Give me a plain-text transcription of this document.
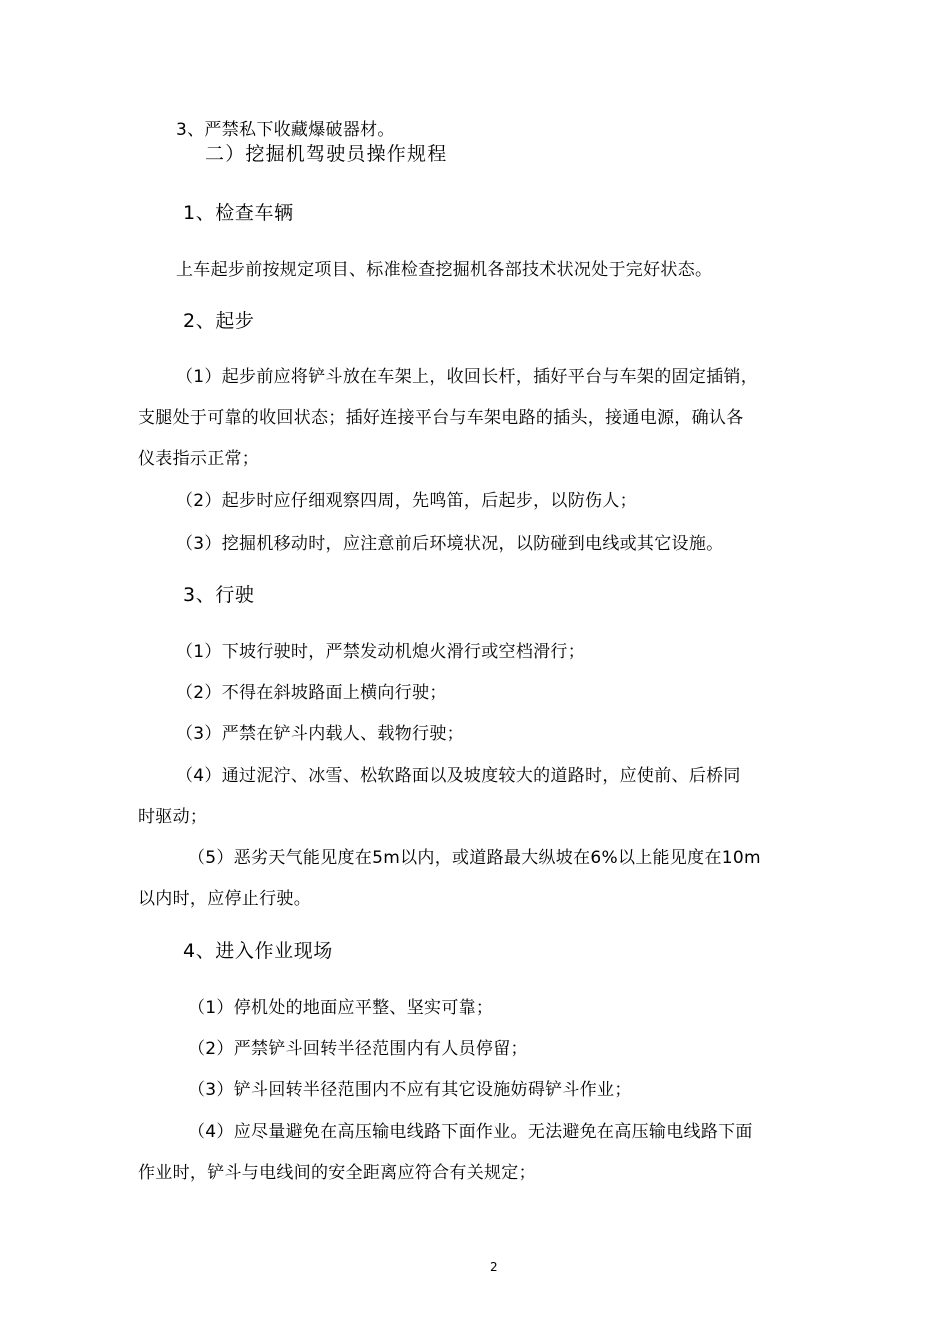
3、严禁私下收藏爆破器材。
二）挖掘机驾驶员操作规程
1、检查车辆
上车起步前按规定项目、标准检查挖掘机各部技术状况处于完好状态。
2、起步
（1）起步前应将铲斗放在车架上，收回长杆，插好平台与车架的固定插销，
支腿处于可靠的收回状态；插好连接平台与车架电路的插头，接通电源，确认各
仪表指示正常；
（2）起步时应仔细观察四周，先鸣笛，后起步，以防伤人；
（3）挖掘机移动时，应注意前后环境状况，以防碰到电线或其它设施。
3、行驶
（1）下坡行驶时，严禁发动机熄火滑行或空档滑行；
（2）不得在斜坡路面上横向行驶；
（3）严禁在铲斗内载人、载物行驶；
（4）通过泥泞、冰雪、松软路面以及坡度较大的道路时，应使前、后桥同
时驱动；
（5）恶劣天气能见度在5m以内，或道路最大纵坡在6%以上能见度在10m
以内时，应停止行驶。
4、进入作业现场
（1）停机处的地面应平整、坚实可靠；
（2）严禁铲斗回转半径范围内有人员停留；
（3）铲斗回转半径范围内不应有其它设施妨碍铲斗作业；
（4）应尽量避免在高压输电线路下面作业。无法避免在高压输电线路下面
作业时，铲斗与电线间的安全距离应符合有关规定；
2
